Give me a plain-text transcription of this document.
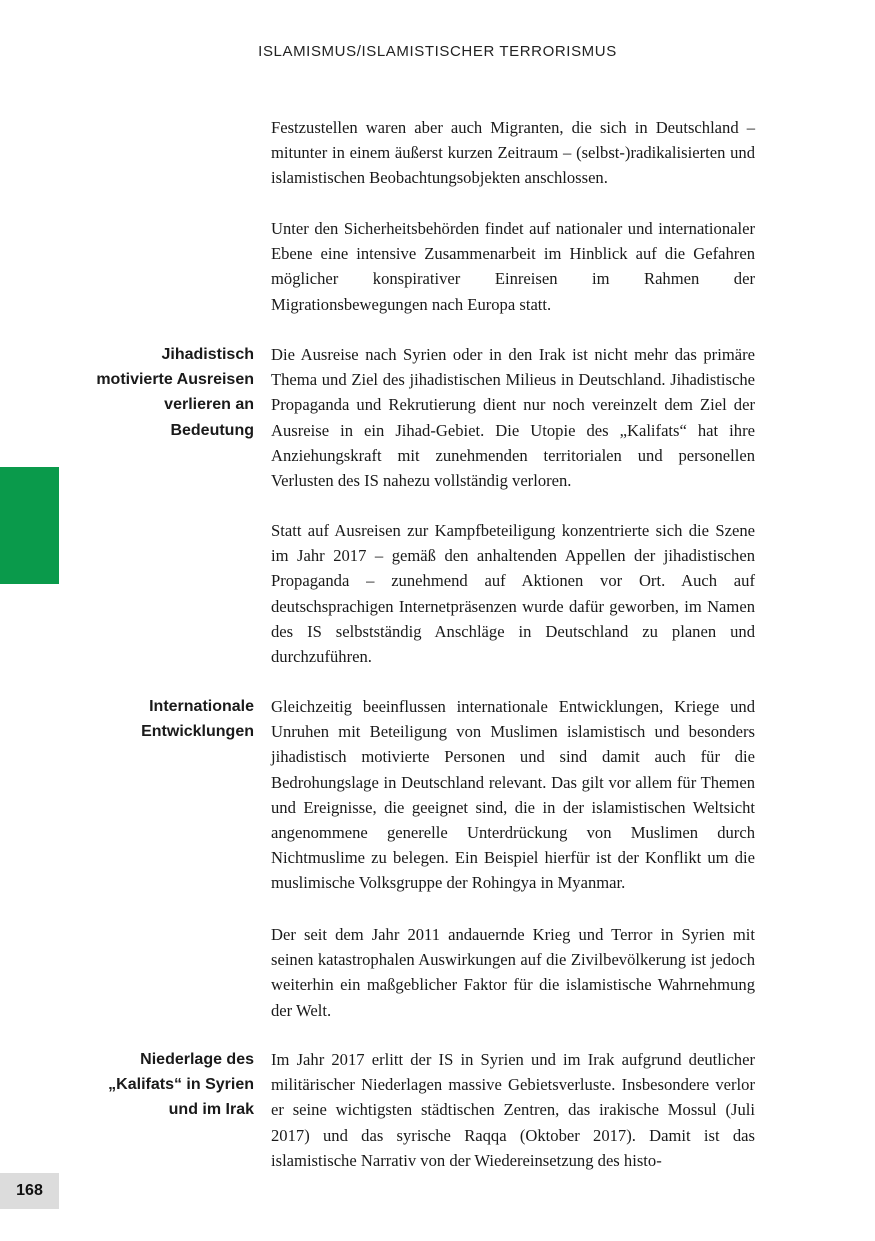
ISLAMISMUS/ISLAMISTISCHER TERRORISMUS

Festzustellen waren aber auch Migranten, die sich in Deutschland – mitunter in einem äußerst kurzen Zeitraum – (selbst-)radikalisierten und islamistischen Beobachtungsobjekten anschlossen.

Unter den Sicherheitsbehörden findet auf nationaler und internationaler Ebene eine intensive Zusammenarbeit im Hinblick auf die Gefahren möglicher konspirativer Einreisen im Rahmen der Migrationsbewegungen nach Europa statt.

Jihadistisch motivierte Ausreisen verlieren an Bedeutung

Die Ausreise nach Syrien oder in den Irak ist nicht mehr das primäre Thema und Ziel des jihadistischen Milieus in Deutschland. Jihadistische Propaganda und Rekrutierung dient nur noch vereinzelt dem Ziel der Ausreise in ein Jihad-Gebiet. Die Utopie des „Kalifats“ hat ihre Anziehungskraft mit zunehmenden territorialen und personellen Verlusten des IS nahezu vollständig verloren.

Statt auf Ausreisen zur Kampfbeteiligung konzentrierte sich die Szene im Jahr 2017 – gemäß den anhaltenden Appellen der jihadistischen Propaganda – zunehmend auf Aktionen vor Ort. Auch auf deutschsprachigen Internetpräsenzen wurde dafür geworben, im Namen des IS selbstständig Anschläge in Deutschland zu planen und durchzuführen.

Internationale Entwicklungen

Gleichzeitig beeinflussen internationale Entwicklungen, Kriege und Unruhen mit Beteiligung von Muslimen islamistisch und besonders jihadistisch motivierte Personen und sind damit auch für die Bedrohungslage in Deutschland relevant. Das gilt vor allem für Themen und Ereignisse, die geeignet sind, die in der islamistischen Weltsicht angenommene generelle Unterdrückung von Muslimen durch Nichtmuslime zu belegen. Ein Beispiel hierfür ist der Konflikt um die muslimische Volksgruppe der Rohingya in Myanmar.

Der seit dem Jahr 2011 andauernde Krieg und Terror in Syrien mit seinen katastrophalen Auswirkungen auf die Zivilbevölkerung ist jedoch weiterhin ein maßgeblicher Faktor für die islamistische Wahrnehmung der Welt.

Niederlage des „Kalifats“ in Syrien und im Irak

Im Jahr 2017 erlitt der IS in Syrien und im Irak aufgrund deutlicher militärischer Niederlagen massive Gebietsverluste. Insbesondere verlor er seine wichtigsten städtischen Zentren, das irakische Mossul (Juli 2017) und das syrische Raqqa (Oktober 2017). Damit ist das islamistische Narrativ von der Wiedereinsetzung des histo-

168
